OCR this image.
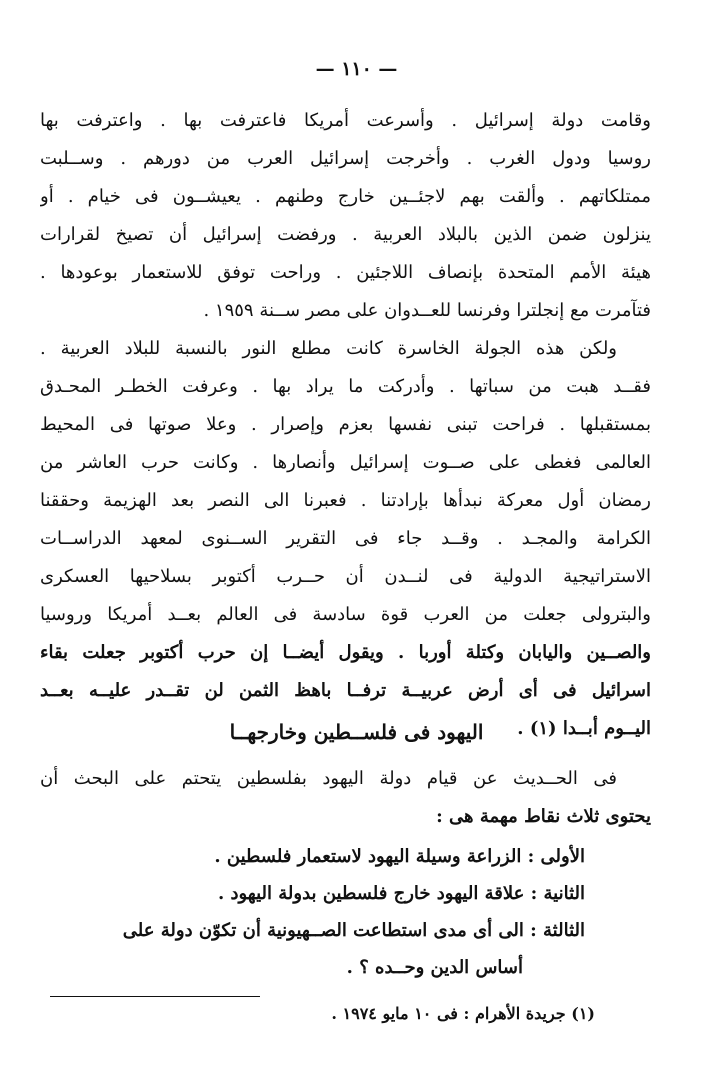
— ١١٠ —
وقامت دولة إسرائيل . وأسرعت أمريكا فاعترفت بها . واعترفت بها
روسيا ودول الغرب . وأخرجت إسرائيل العرب من دورهم . وســلبت
ممتلكاتهم . وألقت بهم لاجئــين خارج وطنهم . يعيشــون فى خيام . أو
ينزلون ضمن الذين بالبلاد العربية . ورفضت إسرائيل أن تصيخ لقرارات
هيئة الأمم المتحدة بإنصاف اللاجئين . وراحت توفق للاستعمار بوعودها .
فتآمرت مع إنجلترا وفرنسا للعــدوان على مصر ســنة ١٩٥٩ .
ولكن هذه الجولة الخاسرة كانت مطلع النور بالنسبة للبلاد العربية .
فقــد هبت من سباتها . وأدركت ما يراد بها . وعرفت الخطـر المحـدق
بمستقبلها . فراحت تبنى نفسها بعزم وإصرار . وعلا صوتها فى المحيط
العالمى فغطى على صــوت إسرائيل وأنصارها . وكانت حرب العاشر من
رمضان أول معركة نبدأها بإرادتنا . فعبرنا الى النصر بعد الهزيمة وحققنا
الكرامة والمجـد . وقــد جاء فى التقرير الســنوى لمعهد الدراســات
الاستراتيجية الدولية فى لنــدن أن حــرب أكتوبر بسلاحيها العسكرى
والبترولى جعلت من العرب قوة سادسة فى العالم بعــد أمريكا وروسيا
والصــين واليابان وكتلة أوربا . ويقول أيضــا إن حرب أكتوبر جعلت بقاء
اسرائيل فى أى أرض عربيــة ترفــا باهظ الثمن لن تقــدر عليــه بعــد
اليــوم أبــدا (١) .
اليهود فى فلســطين وخارجهــا
فى الحــديث عن قيام دولة اليهود بفلسطين يتحتم على البحث أن
يحتوى ثلاث نقاط مهمة هى :
الأولى : الزراعة وسيلة اليهود لاستعمار فلسطين .
الثانية : علاقة اليهود خارج فلسطين بدولة اليهود .
الثالثة : الى أى مدى استطاعت الصــهيونية أن تكوّن دولة على
أساس الدين وحــده ؟ .
(١) جريدة الأهرام : فى ١٠ مايو ١٩٧٤ .
